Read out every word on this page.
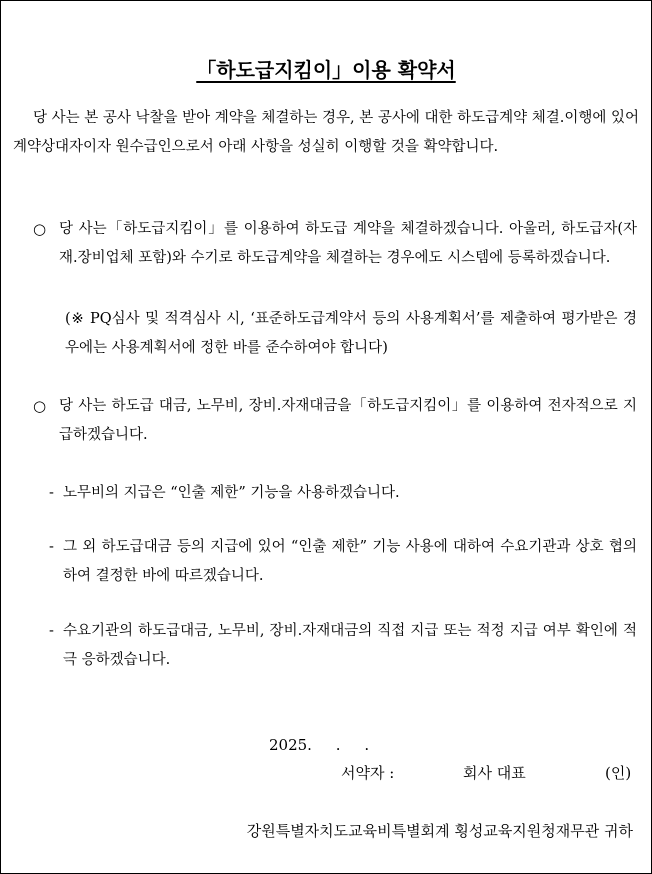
「하도급지킴이」이용 확약서
당 사는 본 공사 낙찰을 받아 계약을 체결하는 경우, 본 공사에 대한 하도급계약 체결.이행에 있어 계약상대자이자 원수급인으로서 아래 사항을 성실히 이행할 것을 확약합니다.
○ 당 사는「하도급지킴이」를 이용하여 하도급 계약을 체결하겠습니다. 아울러, 하도급자(자재.장비업체 포함)와 수기로 하도급계약을 체결하는 경우에도 시스템에 등록하겠습니다.
(※ PQ심사 및 적격심사 시, ‘표준하도급계약서 등의 사용계획서’를 제출하여 평가받은 경우에는 사용계획서에 정한 바를 준수하여야 합니다)
○ 당 사는 하도급 대금, 노무비, 장비.자재대금을「하도급지킴이」를 이용하여 전자적으로 지급하겠습니다.
- 노무비의 지급은 “인출 제한” 기능을 사용하겠습니다.
- 그 외 하도급대금 등의 지급에 있어 “인출 제한” 기능 사용에 대하여 수요기관과 상호 협의하여 결정한 바에 따르겠습니다.
- 수요기관의 하도급대금, 노무비, 장비.자재대금의 직접 지급 또는 적정 지급 여부 확인에 적극 응하겠습니다.
2025.     .     .
서약자 :	회사 대표	(인)
강원특별자치도교육비특별회계 횡성교육지원청재무관 귀하
